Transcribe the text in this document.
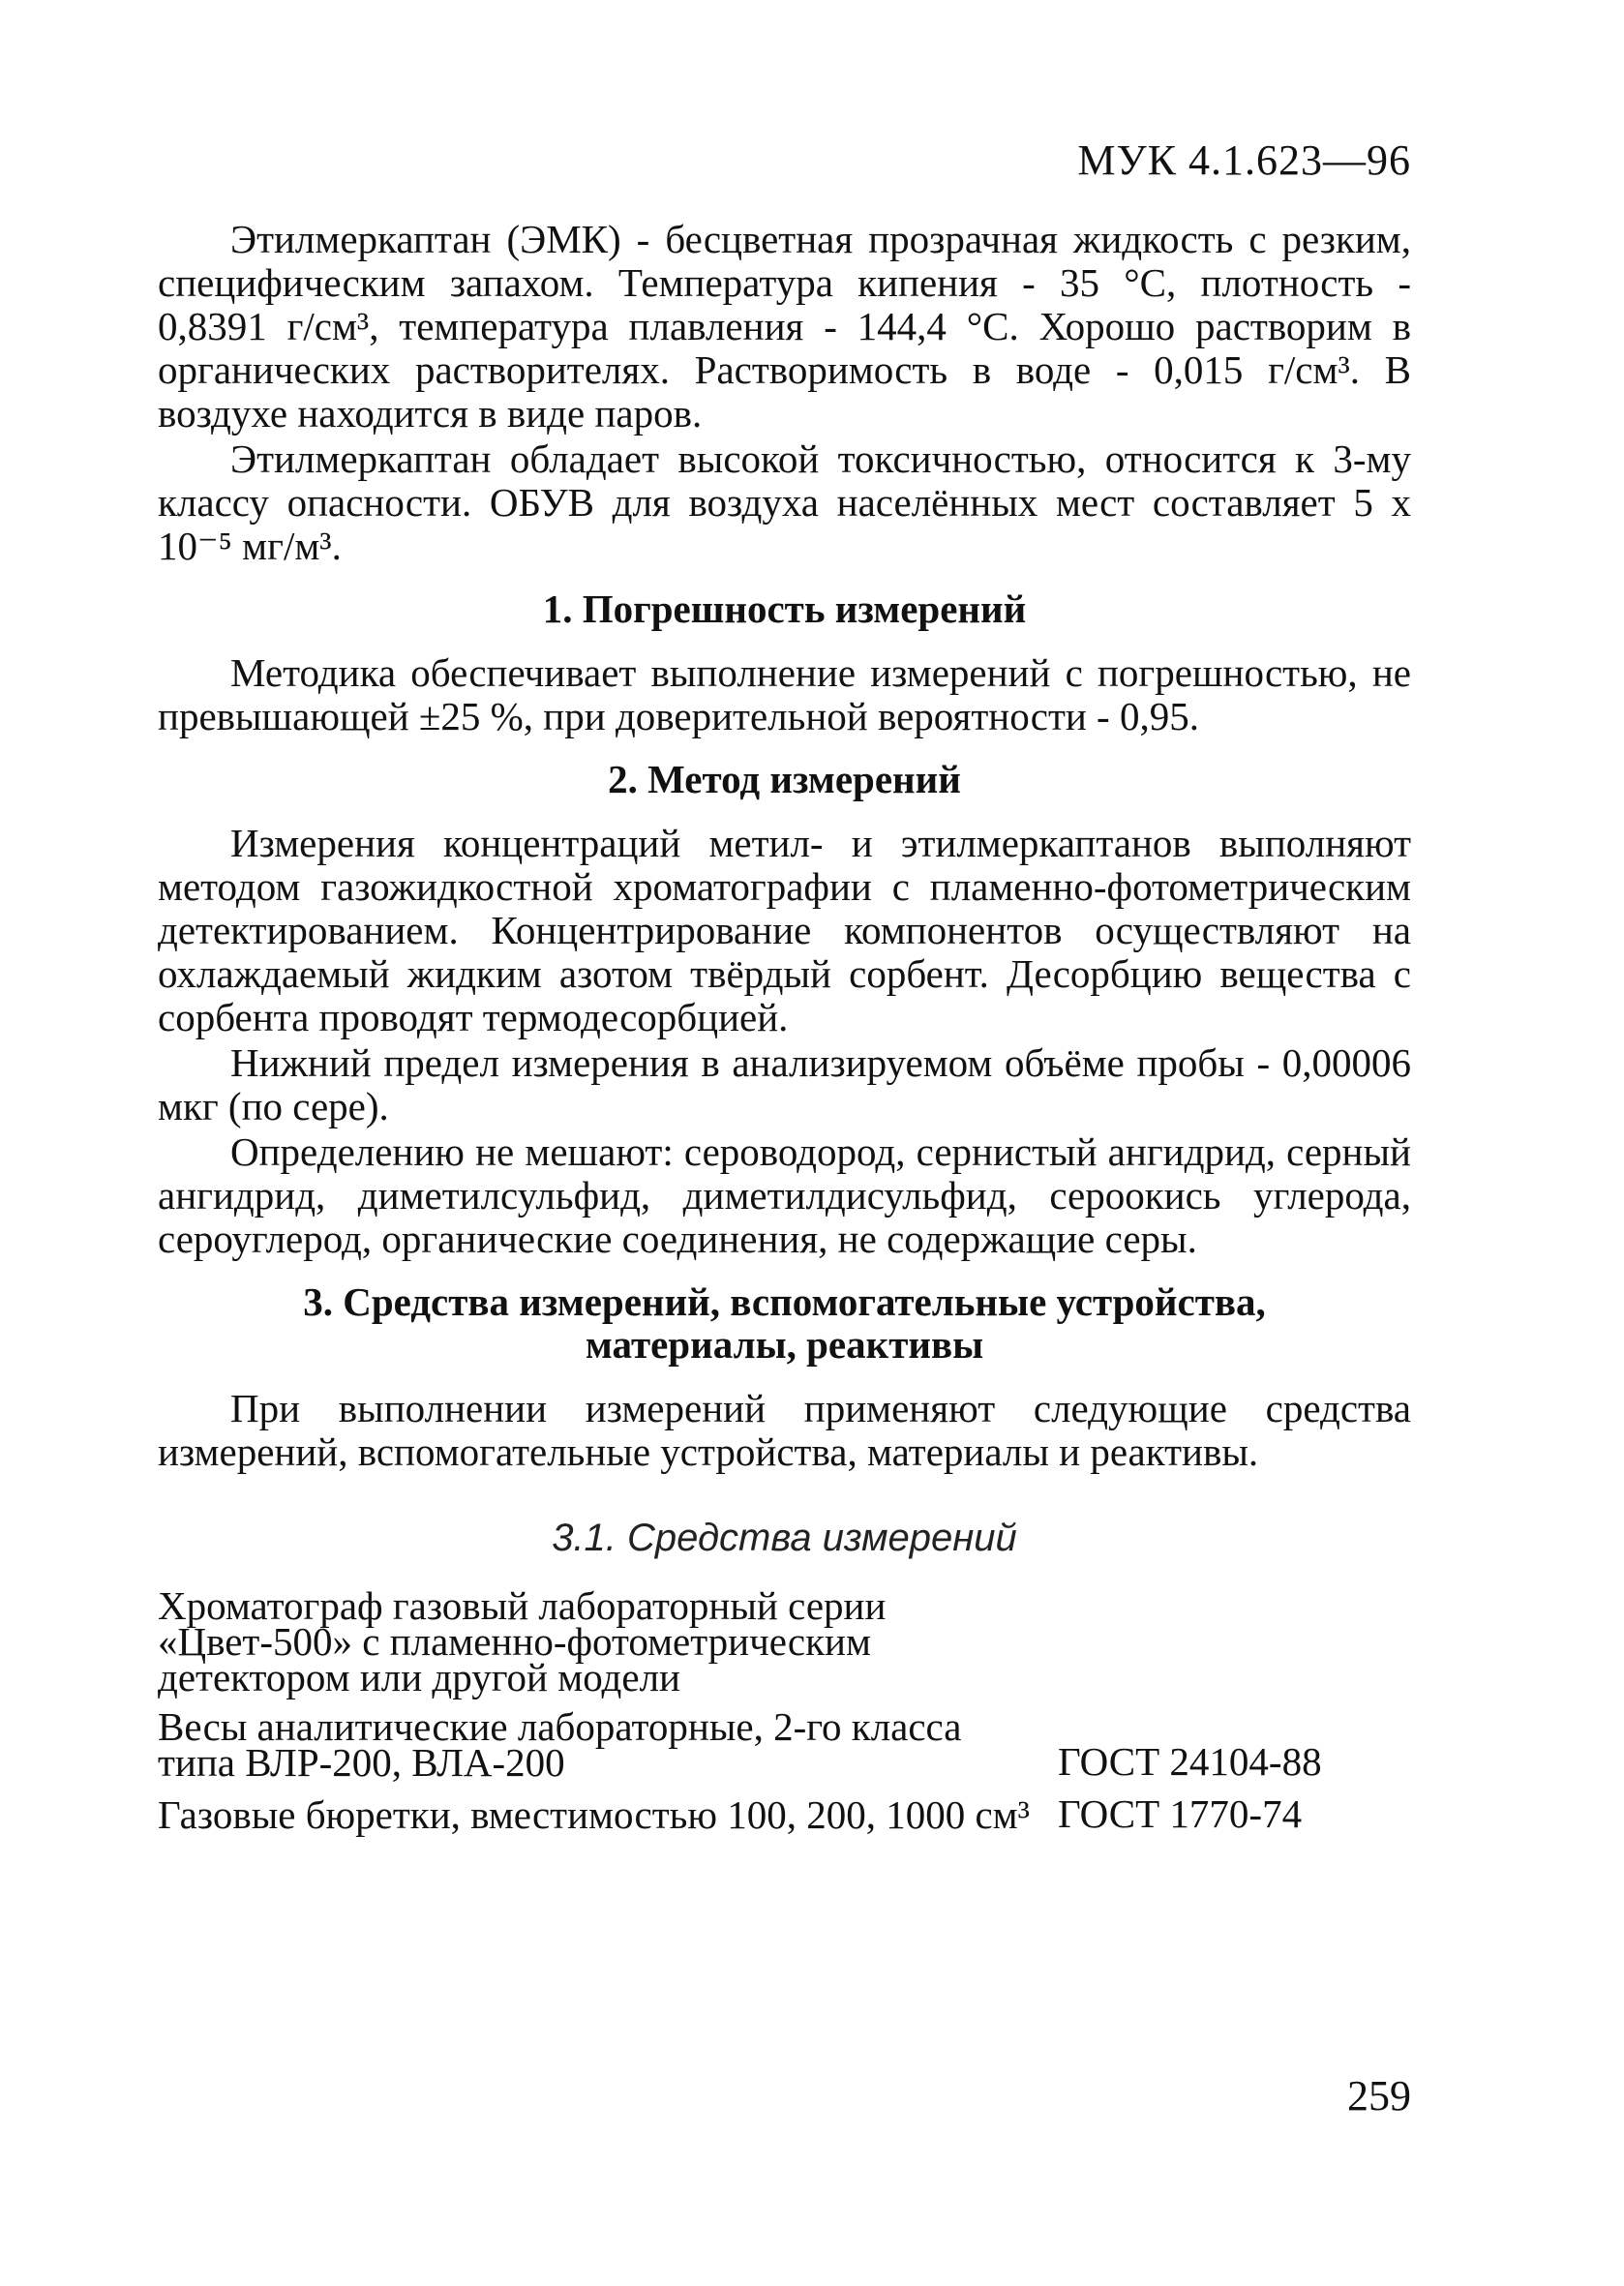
МУК 4.1.623—96

Этилмеркаптан (ЭМК) - бесцветная прозрачная жидкость с резким, специфическим запахом. Температура кипения - 35 °С, плотность - 0,8391 г/см³, температура плавления - 144,4 °С. Хорошо растворим в органических растворителях. Растворимость в воде - 0,015 г/см³. В воздухе находится в виде паров.

Этилмеркаптан обладает высокой токсичностью, относится к 3-му классу опасности. ОБУВ для воздуха населённых мест составляет 5 х 10⁻⁵ мг/м³.

1. Погрешность измерений

Методика обеспечивает выполнение измерений с погрешностью, не превышающей ±25 %, при доверительной вероятности - 0,95.

2. Метод измерений

Измерения концентраций метил- и этилмеркаптанов выполняют методом газожидкостной хроматографии с пламенно-фотометрическим детектированием. Концентрирование компонентов осуществляют на охлаждаемый жидким азотом твёрдый сорбент. Десорбцию вещества с сорбента проводят термодесорбцией.

Нижний предел измерения в анализируемом объёме пробы - 0,00006 мкг (по сере).

Определению не мешают: сероводород, сернистый ангидрид, серный ангидрид, диметилсульфид, диметилдисульфид, сероокись углерода, сероуглерод, органические соединения, не содержащие серы.

3. Средства измерений, вспомогательные устройства,
материалы, реактивы

При выполнении измерений применяют следующие средства измерений, вспомогательные устройства, материалы и реактивы.

3.1. Средства измерений
Хроматограф газовый лабораторный серии «Цвет-500» с пламенно-фотометрическим детектором или другой модели
Весы аналитические лабораторные, 2-го класса типа ВЛР-200, ВЛА-200	ГОСТ 24104-88
Газовые бюретки, вместимостью 100, 200, 1000 см³ ГОСТ 1770-74
259
